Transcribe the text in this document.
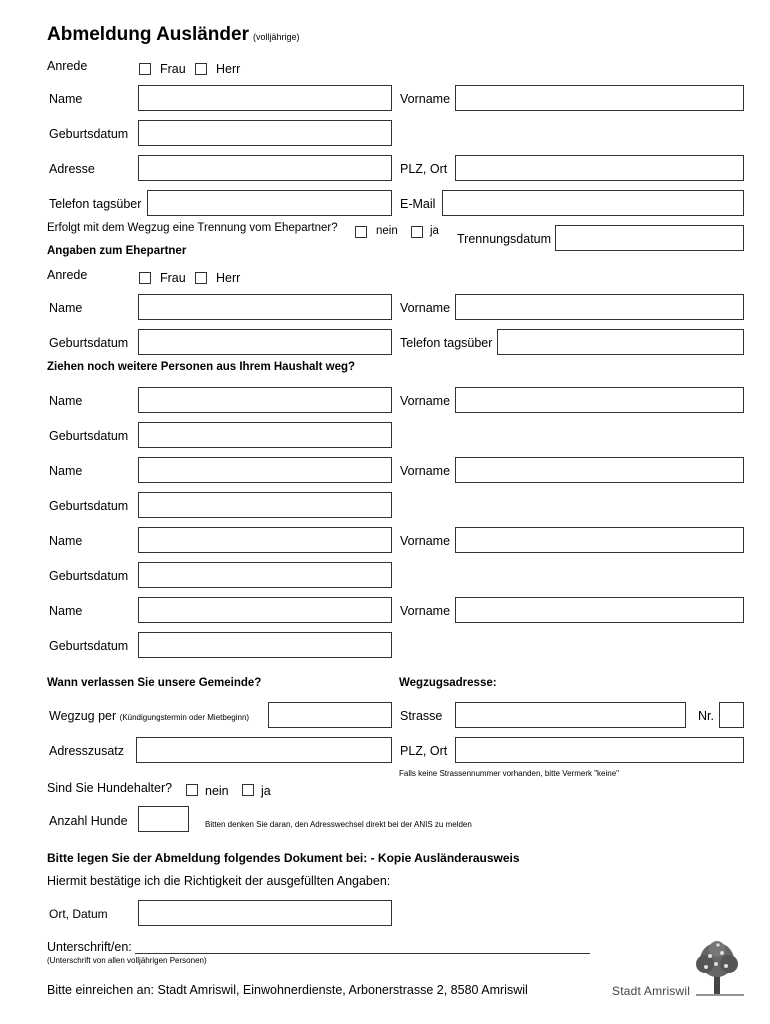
Abmeldung Ausländer (volljährige)
Anrede	Frau Herr
Name	Vorname
Geburtsdatum
Adresse	PLZ, Ort
Telefon tagsüber	E-Mail
Erfolgt mit dem Wegzug eine Trennung vom Ehepartner?	nein	ja
Trennungsdatum
Angaben zum Ehepartner
Anrede	Frau Herr
Name	Vorname
Geburtsdatum	Telefon tagsüber
Ziehen noch weitere Personen aus Ihrem Haushalt weg?
Name	Vorname
Geburtsdatum
Name	Vorname
Geburtsdatum
Name	Vorname
Geburtsdatum
Name	Vorname
Geburtsdatum
Wann verlassen Sie unsere Gemeinde?	Wegzugsadresse:
Wegzug per (Kündigungstermin oder Mietbeginn)	Strasse	Nr.
Adresszusatz	PLZ, Ort
Falls keine Strassennummer vorhanden, bitte Vermerk "keine"
Sind Sie Hundehalter?	nein	ja
Anzahl Hunde	Bitten denken Sie daran, den Adresswechsel direkt bei der ANIS zu melden
Bitte legen Sie der Abmeldung folgendes Dokument bei: - Kopie Ausländerausweis
Hiermit bestätige ich die Richtigkeit der ausgefüllten Angaben:
Ort, Datum
Unterschrift/en:
(Unterschrift von allen volljährigen Personen)
Bitte einreichen an: Stadt Amriswil, Einwohnerdienste, Arbonerstrasse 2, 8580 Amriswil	Stadt Amriswil
